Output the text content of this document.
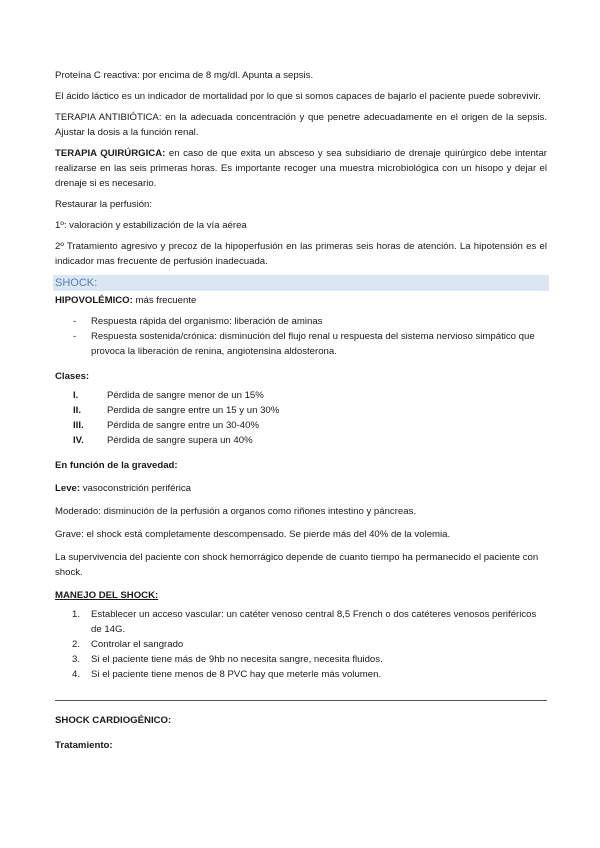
Proteína C reactiva: por encima de 8 mg/dl. Apunta a sepsis.

El ácido láctico es un indicador de mortalidad por lo que si somos capaces de bajarlo el paciente puede sobrevivir.

TERAPIA ANTIBIÓTICA: en la adecuada concentración y que penetre adecuadamente en el origen de la sepsis. Ajustar la dosis a la función renal.

TERAPIA QUIRÚRGICA: en caso de que exita un absceso y sea subsidiario de drenaje quirúrgico debe intentar realizarse en las seis primeras horas. Es importante recoger una muestra microbiológica con un hisopo y dejar el drenaje si es necesario.

Restaurar la perfusión:

1º: valoración y estabilización de la vía aérea

2º Tratamiento agresivo y precoz de la hipoperfusión en las primeras seis horas de atención. La hipotensión es el indicador mas frecuente de perfusión inadecuada.

SHOCK:

HIPOVOLÉMICO: más frecuente

- Respuesta rápida del organismo: liberación de aminas
- Respuesta sostenida/crónica: disminución del flujo renal u respuesta del sistema nervioso simpático que provoca la liberación de renina, angiotensina aldosterona.

Clases:

I.	Pérdida de sangre menor de un 15%
II.	Perdida de sangre entre un 15 y un 30%
III. Pérdida de sangre entre un 30-40%
IV. Pérdida de sangre supera un 40%

En función de la gravedad:

Leve: vasoconstrición periférica

Moderado: disminución de la perfusión a organos como riñones intestino y páncreas.

Grave: el shock está completamente descompensado. Se pierde más del 40% de la volemia.

La supervivencia del paciente con shock hemorrágico depende de cuanto tiempo ha permanecido el paciente con shock.

MANEJO DEL SHOCK:

1. Establecer un acceso vascular: un catéter venoso central 8,5 French o dos catéteres venosos periféricos de 14G.
2. Controlar el sangrado
3. Si el paciente tiene más de 9hb no necesita sangre, necesita fluidos.
4. Si el paciente tiene menos de 8 PVC hay que meterle más volumen.

SHOCK CARDIOGÉNICO:

Tratamiento:
